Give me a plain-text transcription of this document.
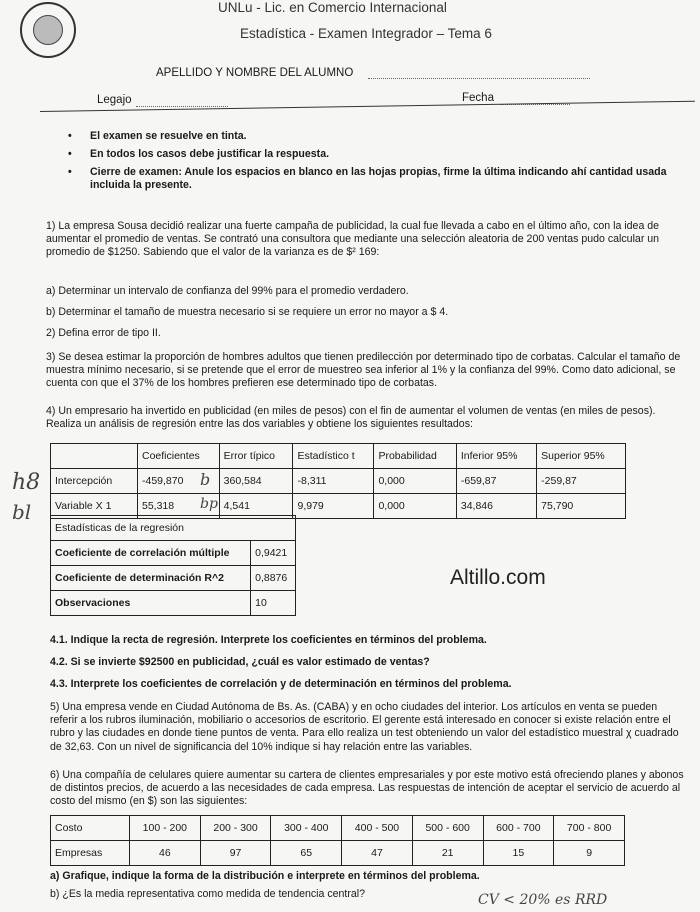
UNLu - Lic. en Comercio Internacional
Estadística - Examen Integrador – Tema 6
APELLIDO Y NOMBRE DEL ALUMNO
Legajo	Fecha
• El examen se resuelve en tinta.
• En todos los casos debe justificar la respuesta.
• Cierre de examen: Anule los espacios en blanco en las hojas propias, firme la última indicando ahí cantidad usada incluida la presente.
1) La empresa Sousa decidió realizar una fuerte campaña de publicidad, la cual fue llevada a cabo en el último año, con la idea de aumentar el promedio de ventas. Se contrató una consultora que mediante una selección aleatoria de 200 ventas pudo calcular un promedio de $1250. Sabiendo que el valor de la varianza es de $² 169:
a) Determinar un intervalo de confianza del 99% para el promedio verdadero.
b) Determinar el tamaño de muestra necesario si se requiere un error no mayor a $ 4.
2) Defina error de tipo II.
3) Se desea estimar la proporción de hombres adultos que tienen predilección por determinado tipo de corbatas. Calcular el tamaño de muestra mínimo necesario, si se pretende que el error de muestreo sea inferior al 1% y la confianza del 99%. Como dato adicional, se cuenta con que el 37% de los hombres prefieren ese determinado tipo de corbatas.
4) Un empresario ha invertido en publicidad (en miles de pesos) con el fin de aumentar el volumen de ventas (en miles de pesos). Realiza un análisis de regresión entre las dos variables y obtiene los siguientes resultados:
	Coeficientes	Error típico	Estadístico t	Probabilidad	Inferior 95%	Superior 95%
Intercepción	-459,870	360,584	-8,311	0,000	-659,87	-259,87
Variable X 1	55,318	4,541	9,979	0,000	34,846	75,790
Estadísticas de la regresión	
Coeficiente de correlación múltiple	0,9421
Coeficiente de determinación R^2	0,8876
Observaciones	10
Altillo.com
4.1. Indique la recta de regresión. Interprete los coeficientes en términos del problema.
4.2. Si se invierte $92500 en publicidad, ¿cuál es valor estimado de ventas?
4.3. Interprete los coeficientes de correlación y de determinación en términos del problema.
5) Una empresa vende en Ciudad Autónoma de Bs. As. (CABA) y en ocho ciudades del interior. Los artículos en venta se pueden referir a los rubros iluminación, mobiliario o accesorios de escritorio. El gerente está interesado en conocer si existe relación entre el rubro y las ciudades en donde tiene puntos de venta. Para ello realiza un test obteniendo un valor del estadístico muestral χ cuadrado de 32,63. Con un nivel de significancia del 10% indique si hay relación entre las variables.
6) Una compañía de celulares quiere aumentar su cartera de clientes empresariales y por este motivo está ofreciendo planes y abonos de distintos precios, de acuerdo a las necesidades de cada empresa. Las respuestas de intención de aceptar el servicio de acuerdo al costo del mismo (en $) son las siguientes:
Costo	100 - 200	200 - 300	300 - 400	400 - 500	500 - 600	600 - 700	700 - 800
Empresas	46	97	65	47	21	15	9
a) Grafique, indique la forma de la distribución e interprete en términos del problema.
b) ¿Es la media representativa como medida de tendencia central?
h8
bl
b
bp
CV < 20% es RRD
